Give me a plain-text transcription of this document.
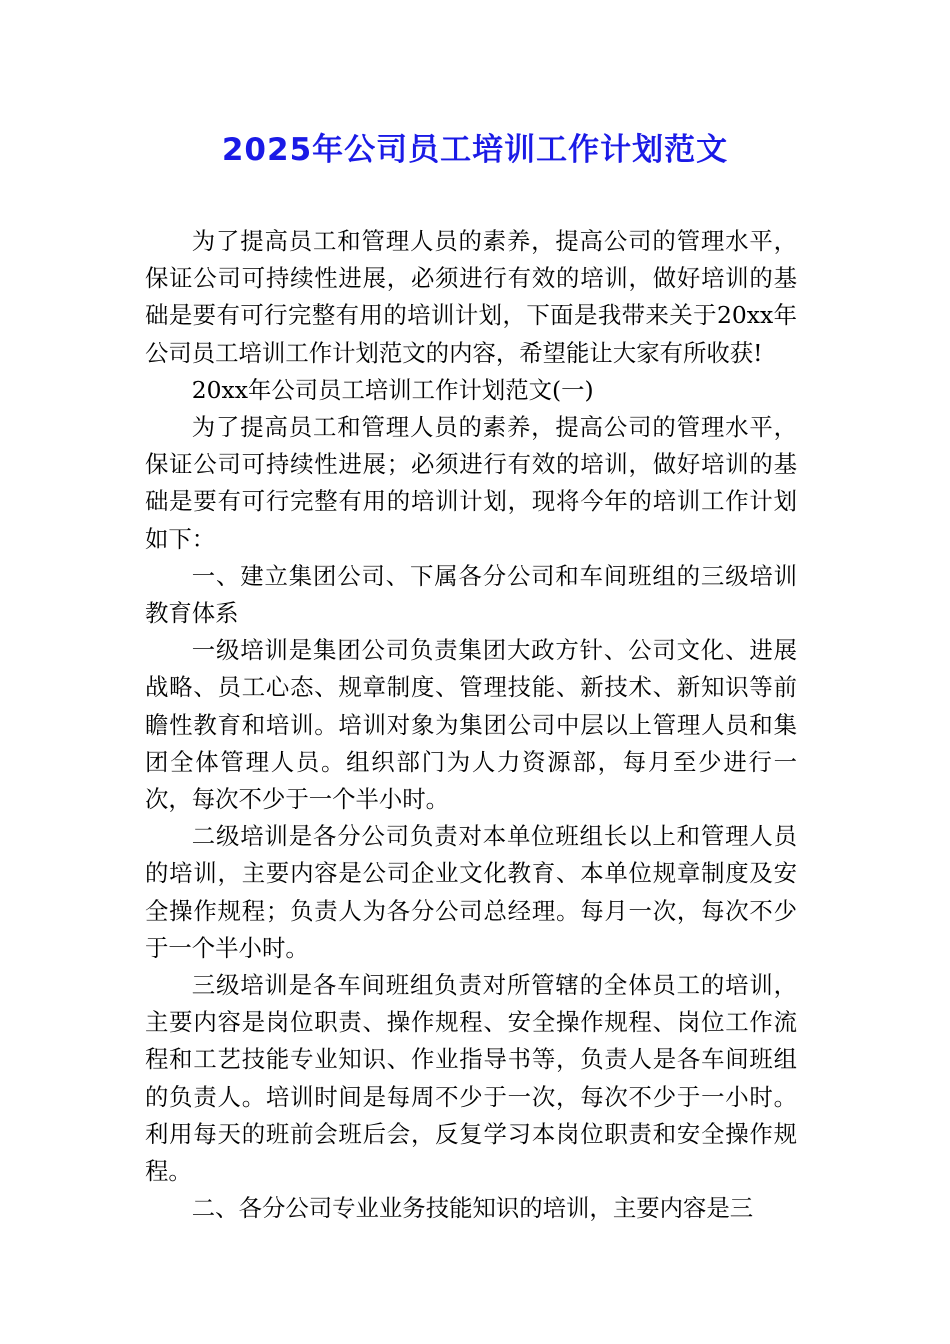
2025年公司员工培训工作计划范文

为了提高员工和管理人员的素养，提高公司的管理水平，保证公司可持续性进展，必须进行有效的培训，做好培训的基础是要有可行完整有用的培训计划，下面是我带来关于20xx年公司员工培训工作计划范文的内容，希望能让大家有所收获!

20xx年公司员工培训工作计划范文(一)

为了提高员工和管理人员的素养，提高公司的管理水平，保证公司可持续性进展；必须进行有效的培训，做好培训的基础是要有可行完整有用的培训计划，现将今年的培训工作计划如下：

一、建立集团公司、下属各分公司和车间班组的三级培训教育体系

一级培训是集团公司负责集团大政方针、公司文化、进展战略、员工心态、规章制度、管理技能、新技术、新知识等前瞻性教育和培训。培训对象为集团公司中层以上管理人员和集团全体管理人员。组织部门为人力资源部，每月至少进行一次，每次不少于一个半小时。

二级培训是各分公司负责对本单位班组长以上和管理人员的培训，主要内容是公司企业文化教育、本单位规章制度及安全操作规程；负责人为各分公司总经理。每月一次，每次不少于一个半小时。

三级培训是各车间班组负责对所管辖的全体员工的培训，主要内容是岗位职责、操作规程、安全操作规程、岗位工作流程和工艺技能专业知识、作业指导书等，负责人是各车间班组的负责人。培训时间是每周不少于一次，每次不少于一小时。利用每天的班前会班后会，反复学习本岗位职责和安全操作规程。

二、各分公司专业业务技能知识的培训，主要内容是三
